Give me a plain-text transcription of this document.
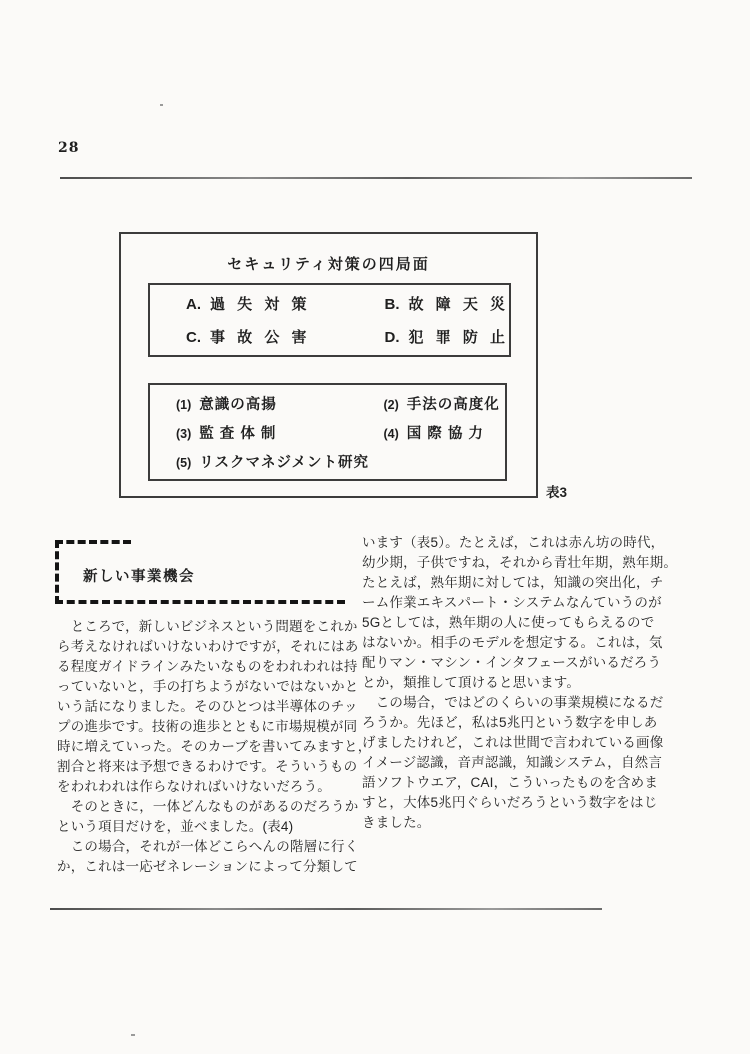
28
セキュリティ対策の四局面
A. 過 失 対 策	B. 故 障 天 災
C. 事 故 公 害	D. 犯 罪 防 止
(1) 意識の高揚	(2) 手法の高度化
(3) 監 査 体 制	(4) 国 際 協 力
(5) リスクマネジメント研究
表3
新しい事業機会
　ところで，新しいビジネスという問題をこれか
ら考えなければいけないわけですが，それにはあ
る程度ガイドラインみたいなものをわれわれは持
っていないと，手の打ちようがないではないかと
いう話になりました。そのひとつは半導体のチッ
プの進歩です。技術の進歩とともに市場規模が同
時に増えていった。そのカーブを書いてみますと，
割合と将来は予想できるわけです。そういうもの
をわれわれは作らなければいけないだろう。
　そのときに，一体どんなものがあるのだろうか
という項目だけを，並べました。(表4)
　この場合，それが一体どこらへんの階層に行く
か，これは一応ゼネレーションによって分類して
います（表5）。たとえば，これは赤ん坊の時代，
幼少期，子供ですね，それから青壮年期，熟年期。
たとえば，熟年期に対しては，知識の突出化，チ
ーム作業エキスパート・システムなんていうのが
5Gとしては，熟年期の人に使ってもらえるので
はないか。相手のモデルを想定する。これは，気
配りマン・マシン・インタフェースがいるだろう
とか，類推して頂けると思います。
　この場合，ではどのくらいの事業規模になるだ
ろうか。先ほど，私は5兆円という数字を申しあ
げましたけれど，これは世間で言われている画像
イメージ認識，音声認識，知識システム，自然言
語ソフトウエア，CAI，こういったものを含めま
すと，大体5兆円ぐらいだろうという数字をはじ
きました。
